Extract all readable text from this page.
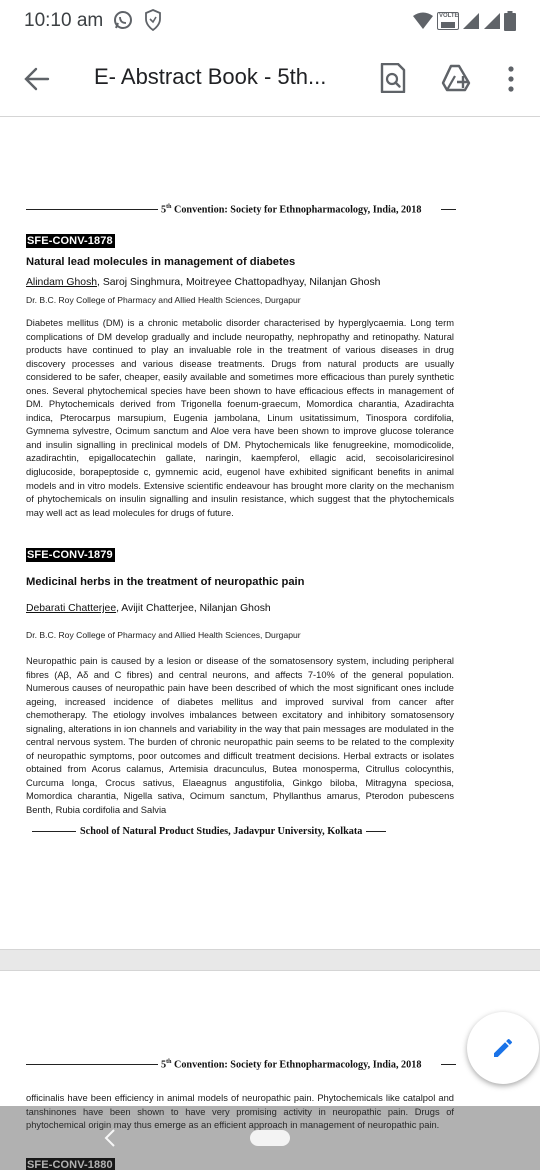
10:10 am	VOLTE
E- Abstract Book - 5th...
5th Convention: Society for Ethnopharmacology, India, 2018
SFE-CONV-1878
Natural lead molecules in management of diabetes
Alindam Ghosh, Saroj Singhmura, Moitreyee Chattopadhyay, Nilanjan Ghosh
Dr. B.C. Roy College of Pharmacy and Allied Health Sciences, Durgapur
Diabetes mellitus (DM) is a chronic metabolic disorder characterised by hyperglycaemia. Long term complications of DM develop gradually and include neuropathy, nephropathy and retinopathy. Natural products have continued to play an invaluable role in the treatment of various diseases in drug discovery processes and various disease treatments. Drugs from natural products are usually considered to be safer, cheaper, easily available and sometimes more efficacious than purely synthetic ones. Several phytochemical species have been shown to have efficacious effects in management of DM. Phytochemicals derived from Trigonella foenum-graecum, Momordica charantia, Azadirachta indica, Pterocarpus marsupium, Eugenia jambolana, Linum usitatissimum, Tinospora cordifolia, Gymnema sylvestre, Ocimum sanctum and Aloe vera have been shown to improve glucose tolerance and insulin signalling in preclinical models of DM. Phytochemicals like fenugreekine, momodicolide, azadirachtin, epigallocatechin gallate, naringin, kaempferol, ellagic acid, secoisolariciresinol diglucoside, borapeptoside c, gymnemic acid, eugenol have exhibited significant benefits in animal models and in vitro models. Extensive scientific endeavour has brought more clarity on the mechanism of phytochemicals on insulin signalling and insulin resistance, which suggest that the phytochemicals may well act as lead molecules for drugs of future.
SFE-CONV-1879
Medicinal herbs in the treatment of neuropathic pain
Debarati Chatterjee, Avijit Chatterjee, Nilanjan Ghosh
Dr. B.C. Roy College of Pharmacy and Allied Health Sciences, Durgapur
Neuropathic pain is caused by a lesion or disease of the somatosensory system, including peripheral fibres (Aβ, Aδ and C fibres) and central neurons, and affects 7-10% of the general population. Numerous causes of neuropathic pain have been described of which the most significant ones include ageing, increased incidence of diabetes mellitus and improved survival from cancer after chemotherapy. The etiology involves imbalances between excitatory and inhibitory somatosensory signaling, alterations in ion channels and variability in the way that pain messages are modulated in the central nervous system. The burden of chronic neuropathic pain seems to be related to the complexity of neuropathic symptoms, poor outcomes and difficult treatment decisions. Herbal extracts or isolates obtained from Acorus calamus, Artemisia dracunculus, Butea monosperma, Citrullus colocynthis, Curcuma longa, Crocus sativus, Elaeagnus angustifolia, Ginkgo biloba, Mitragyna speciosa, Momordica charantia, Nigella sativa, Ocimum sanctum, Phyllanthus amarus, Pterodon pubescens Benth, Rubia cordifolia and Salvia
School of Natural Product Studies, Jadavpur University, Kolkata
5th Convention: Society for Ethnopharmacology, India, 2018
officinalis have been efficiency in animal models of neuropathic pain. Phytochemicals like catalpol and tanshinones have been shown to have very promising activity in neuropathic pain. Drugs of phytochemical origin may thus emerge as an efficient approach in management of neuropathic pain.
SFE-CONV-1880
